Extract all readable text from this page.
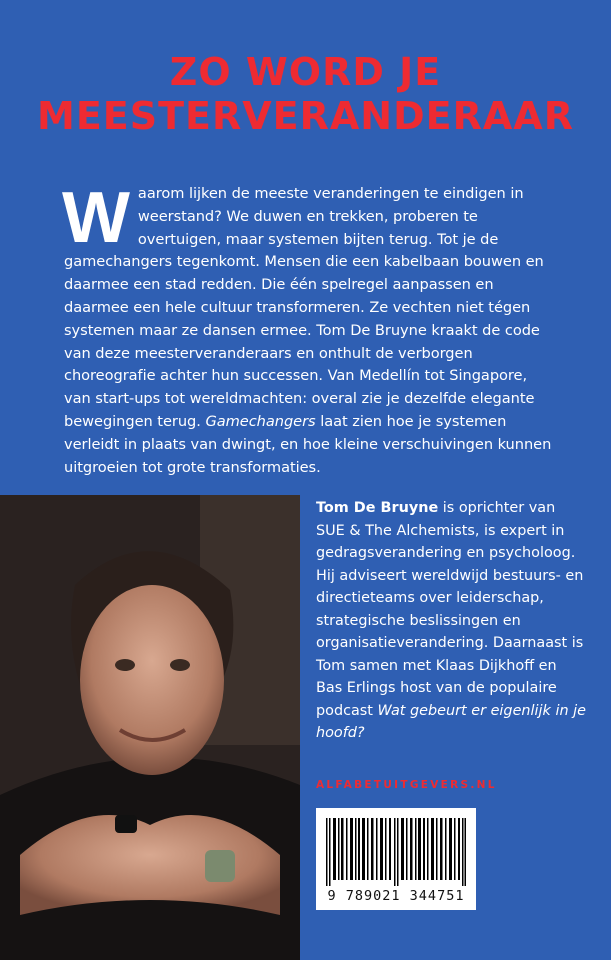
ZO WORD JE
MEESTERVERANDERAAR
Waarom lijken de meeste veranderingen te eindigen in weerstand? We duwen en trekken, proberen te overtuigen, maar systemen bijten terug. Tot je de gamechangers tegenkomt. Mensen die een kabelbaan bouwen en daarmee een stad redden. Die één spelregel aanpassen en daarmee een hele cultuur transformeren. Ze vechten niet tégen systemen maar ze dansen ermee. Tom De Bruyne kraakt de code van deze meesterveranderaars en onthult de verborgen choreografie achter hun successen. Van Medellín tot Singapore, van start-ups tot wereldmachten: overal zie je dezelfde elegante bewegingen terug. Gamechangers laat zien hoe je systemen verleidt in plaats van dwingt, en hoe kleine verschuivingen kunnen uitgroeien tot grote transformaties.
Tom De Bruyne is oprichter van SUE & The Alchemists, is expert in gedragsverandering en psycholoog. Hij adviseert wereldwijd bestuurs- en directieteams over leiderschap, strategische beslissingen en organisatieverandering. Daarnaast is Tom samen met Klaas Dijkhoff en Bas Erlings host van de populaire podcast Wat gebeurt er eigenlijk in je hoofd?
ALFABETUITGEVERS.NL
9 789021 344751
